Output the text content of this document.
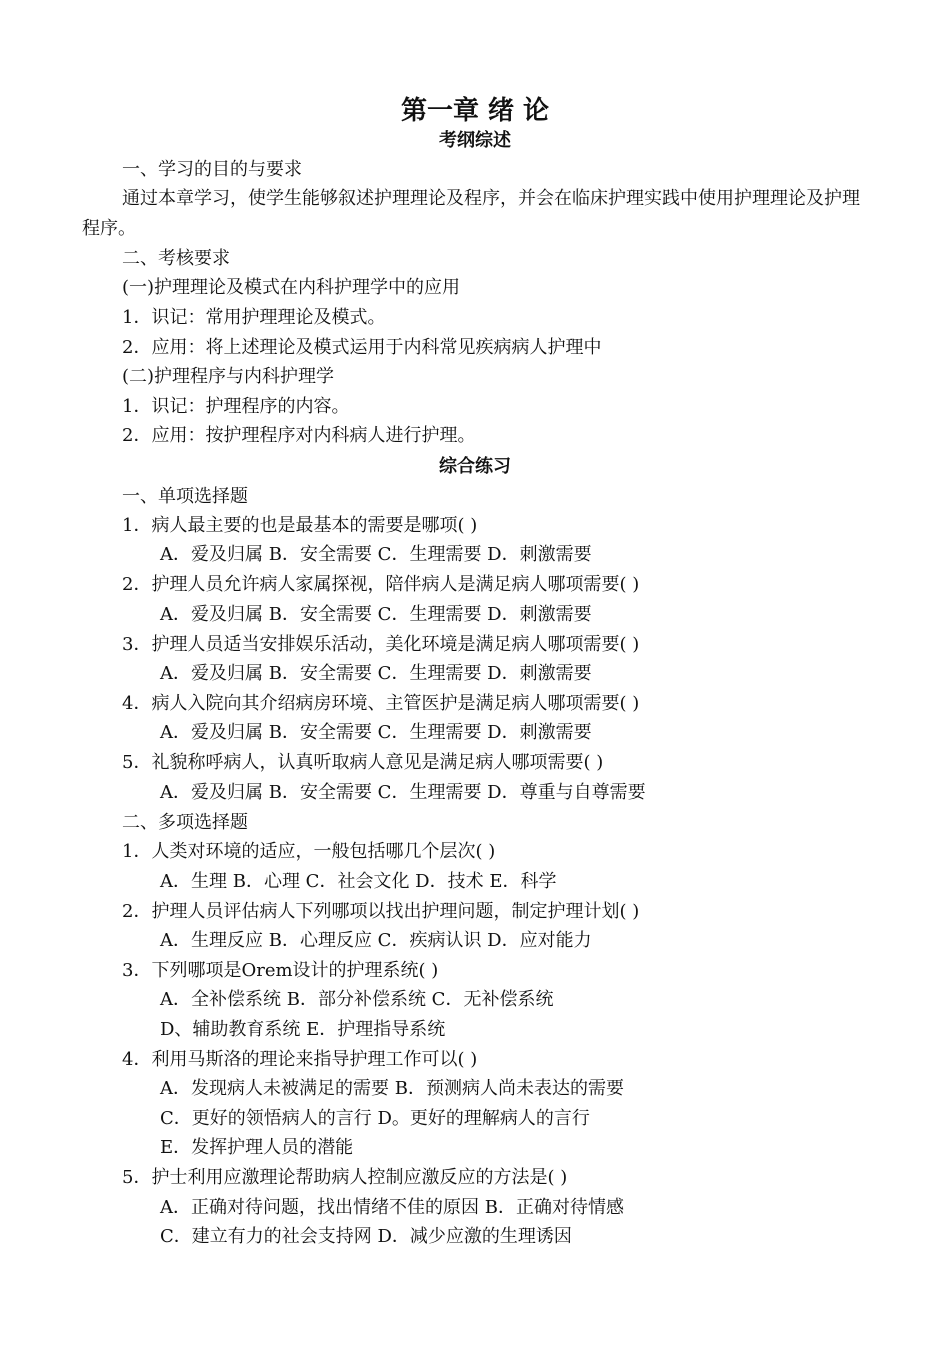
第一章 绪 论
考纲综述
一、学习的目的与要求

通过本章学习，使学生能够叙述护理理论及程序，并会在临床护理实践中使用护理理论及护理程序。

二、考核要求
(一)护理理论及模式在内科护理学中的应用
1．识记：常用护理理论及模式。
2．应用：将上述理论及模式运用于内科常见疾病病人护理中
(二)护理程序与内科护理学
1．识记：护理程序的内容。
2．应用：按护理程序对内科病人进行护理。
综合练习
一、单项选择题
1．病人最主要的也是最基本的需要是哪项( )
A．爱及归属 B．安全需要 C．生理需要 D．刺激需要
2．护理人员允许病人家属探视，陪伴病人是满足病人哪项需要( )
A．爱及归属 B．安全需要 C．生理需要 D．刺激需要
3．护理人员适当安排娱乐活动，美化环境是满足病人哪项需要( )
A．爱及归属 B．安全需要 C．生理需要 D．刺激需要
4．病人入院向其介绍病房环境、主管医护是满足病人哪项需要( )
A．爱及归属 B．安全需要 C．生理需要 D．刺激需要
5．礼貌称呼病人，认真听取病人意见是满足病人哪项需要( )
A．爱及归属 B．安全需要 C．生理需要 D．尊重与自尊需要
二、多项选择题
1．人类对环境的适应，一般包括哪几个层次( )
A．生理 B．心理 C．社会文化 D．技术 E．科学
2．护理人员评估病人下列哪项以找出护理问题，制定护理计划( )
A．生理反应 B．心理反应 C．疾病认识 D．应对能力
3．下列哪项是Orem设计的护理系统( )
A．全补偿系统 B．部分补偿系统 C．无补偿系统
D、辅助教育系统 E．护理指导系统
4．利用马斯洛的理论来指导护理工作可以( )
A．发现病人未被满足的需要 B．预测病人尚未表达的需要
C．更好的领悟病人的言行 D。更好的理解病人的言行
E．发挥护理人员的潜能
5．护士利用应激理论帮助病人控制应激反应的方法是( )
A．正确对待问题，找出情绪不佳的原因 B．正确对待情感
C．建立有力的社会支持网 D．减少应激的生理诱因
